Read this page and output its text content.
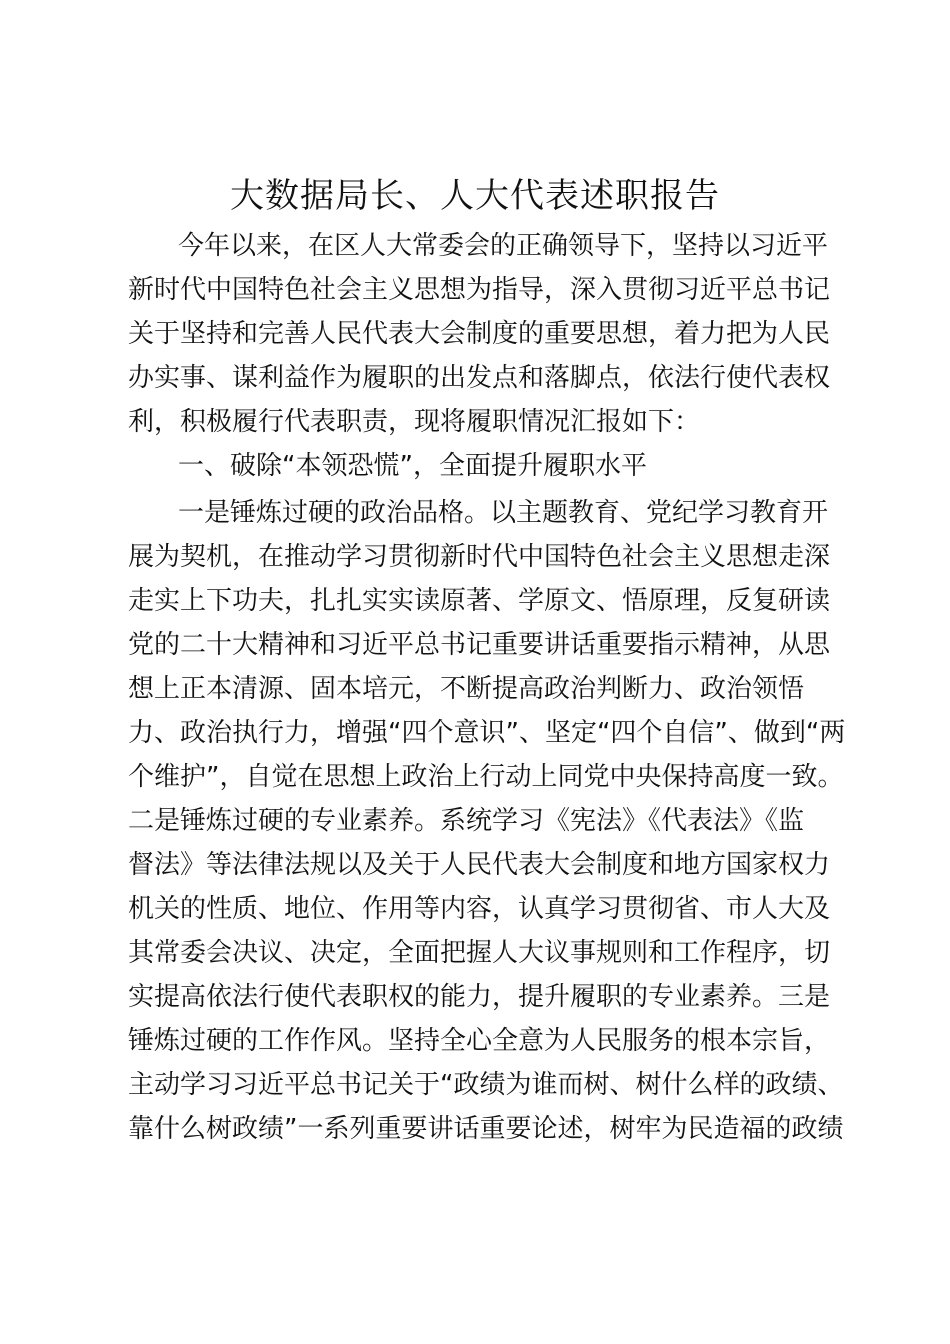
大数据局长、人大代表述职报告
今年以来，在区人大常委会的正确领导下，坚持以习近平
新时代中国特色社会主义思想为指导，深入贯彻习近平总书记
关于坚持和完善人民代表大会制度的重要思想，着力把为人民
办实事、谋利益作为履职的出发点和落脚点，依法行使代表权
利，积极履行代表职责，现将履职情况汇报如下：
一、破除“本领恐慌”，全面提升履职水平
一是锤炼过硬的政治品格。以主题教育、党纪学习教育开
展为契机，在推动学习贯彻新时代中国特色社会主义思想走深
走实上下功夫，扎扎实实读原著、学原文、悟原理，反复研读
党的二十大精神和习近平总书记重要讲话重要指示精神，从思
想上正本清源、固本培元，不断提高政治判断力、政治领悟
力、政治执行力，增强“四个意识”、坚定“四个自信”、做到“两
个维护”，自觉在思想上政治上行动上同党中央保持高度一致。
二是锤炼过硬的专业素养。系统学习《宪法》《代表法》《监
督法》等法律法规以及关于人民代表大会制度和地方国家权力
机关的性质、地位、作用等内容，认真学习贯彻省、市人大及
其常委会决议、决定，全面把握人大议事规则和工作程序，切
实提高依法行使代表职权的能力，提升履职的专业素养。三是
锤炼过硬的工作作风。坚持全心全意为人民服务的根本宗旨，
主动学习习近平总书记关于“政绩为谁而树、树什么样的政绩、
靠什么树政绩”一系列重要讲话重要论述，树牢为民造福的政绩
